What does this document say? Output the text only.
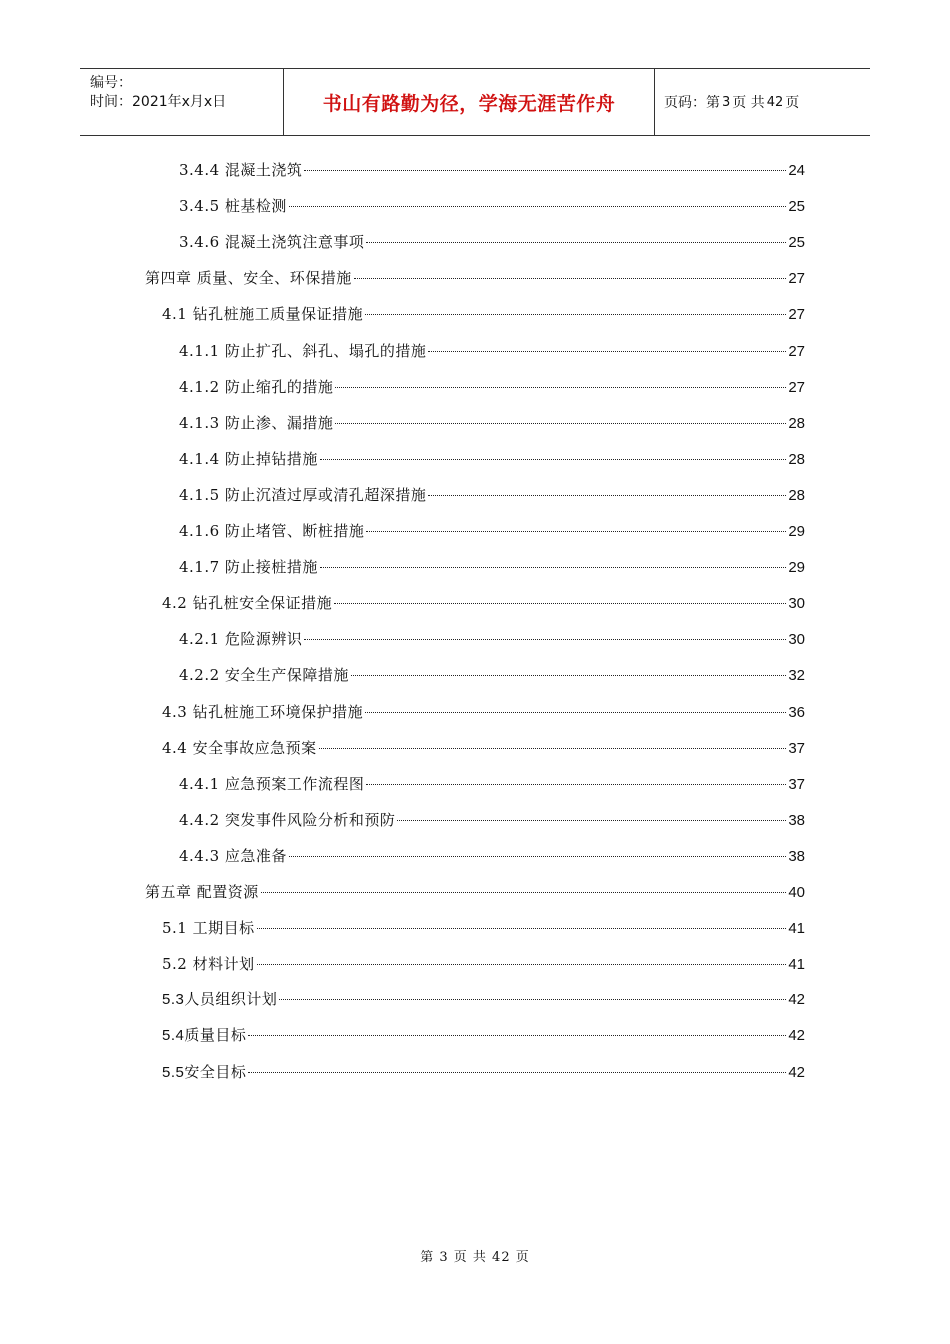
编号：
时间：2021年x月x日	书山有路勤为径，学海无涯苦作舟	页码：第 3 页 共 42 页
3.4.4 混凝土浇筑	24
3.4.5 桩基检测	25
3.4.6 混凝土浇筑注意事项	25
第四章 质量、安全、环保措施	27
4.1 钻孔桩施工质量保证措施	27
4.1.1 防止扩孔、斜孔、塌孔的措施	27
4.1.2 防止缩孔的措施	27
4.1.3 防止渗、漏措施	28
4.1.4 防止掉钻措施	28
4.1.5 防止沉渣过厚或清孔超深措施	28
4.1.6 防止堵管、断桩措施	29
4.1.7 防止接桩措施	29
4.2 钻孔桩安全保证措施	30
4.2.1 危险源辨识	30
4.2.2 安全生产保障措施	32
4.3 钻孔桩施工环境保护措施	36
4.4 安全事故应急预案	37
4.4.1 应急预案工作流程图	37
4.4.2 突发事件风险分析和预防	38
4.4.3 应急准备	38
第五章 配置资源	40
5.1 工期目标	41
5.2 材料计划	41
5.3人员组织计划	42
5.4质量目标	42
5.5安全目标	42
第 3 页 共 42 页
